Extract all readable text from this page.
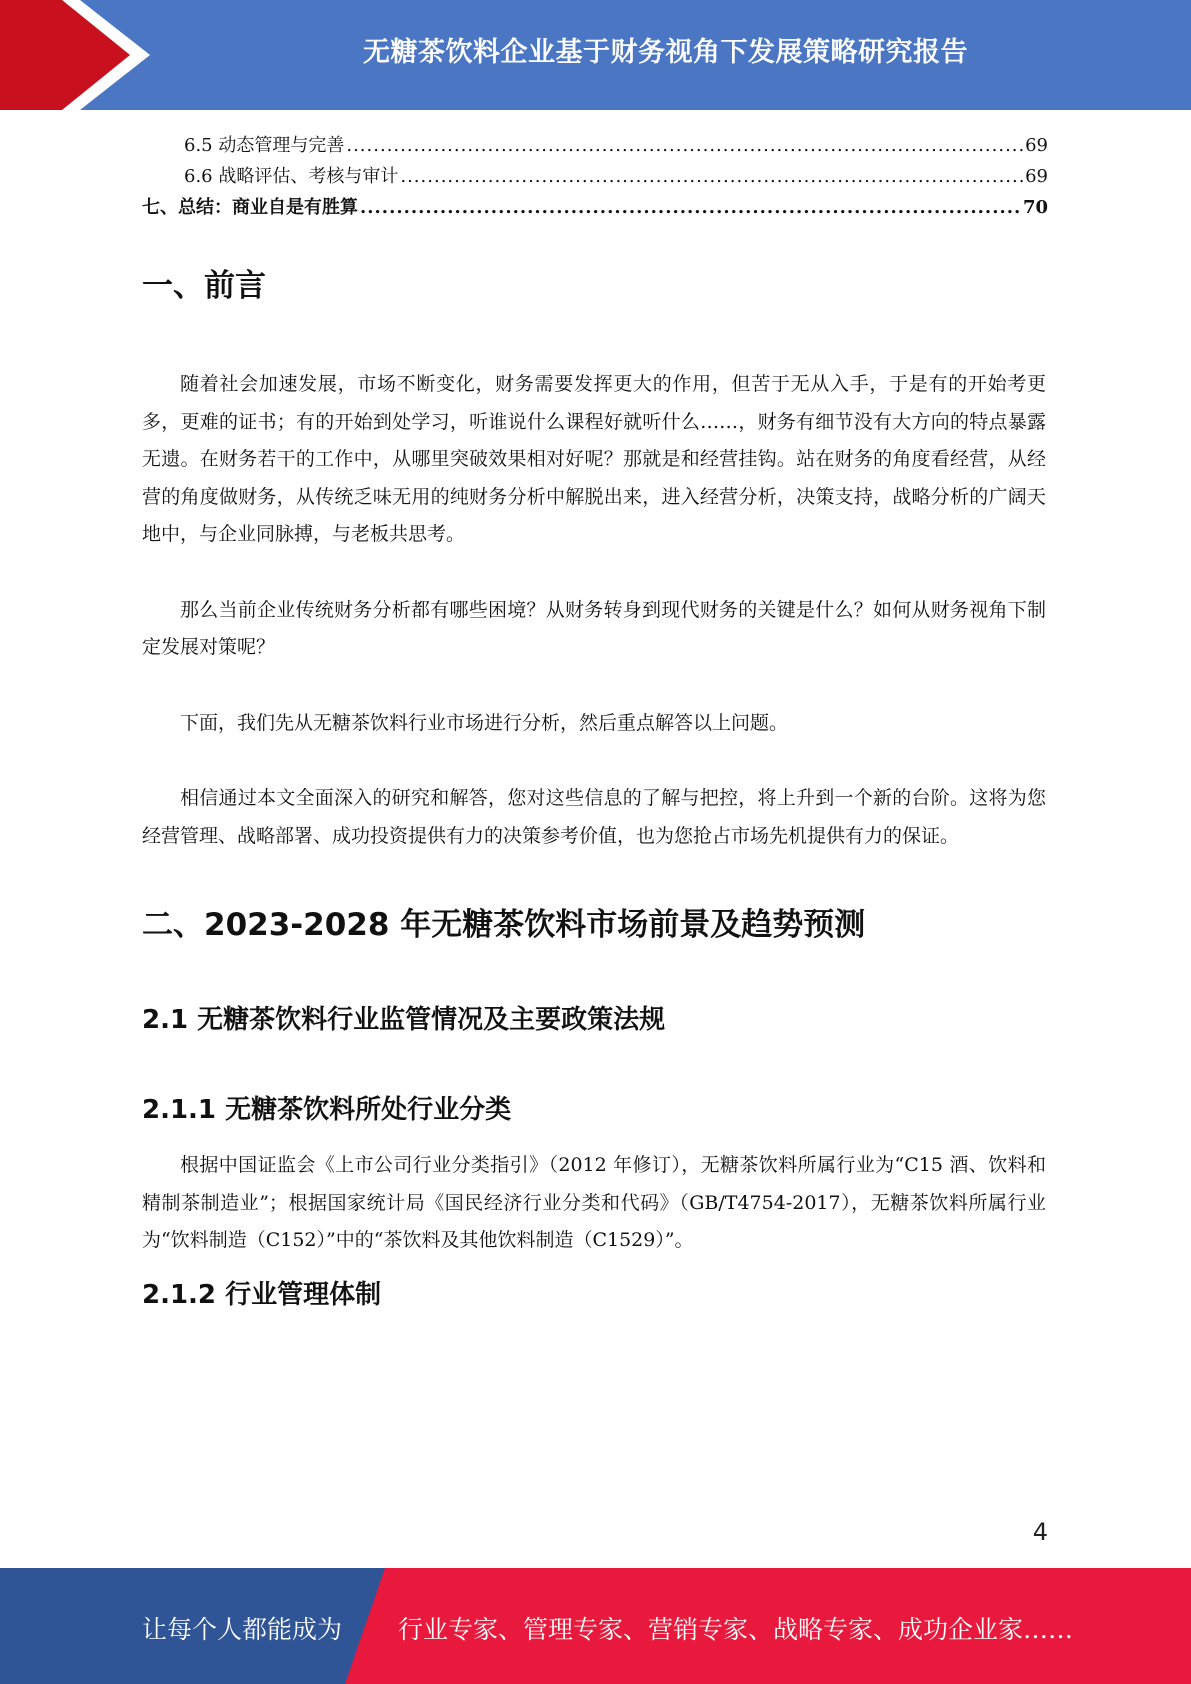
无糖茶饮料企业基于财务视角下发展策略研究报告
6.5 动态管理与完善 .....	69
6.6 战略评估、考核与审计 .....	69
七、总结：商业自是有胜算 .....	70
一、前言

随着社会加速发展，市场不断变化，财务需要发挥更大的作用，但苦于无从入手，于是有的开始考更多，更难的证书；有的开始到处学习，听谁说什么课程好就听什么……，财务有细节没有大方向的特点暴露无遗。在财务若干的工作中，从哪里突破效果相对好呢？那就是和经营挂钩。站在财务的角度看经营，从经营的角度做财务，从传统乏味无用的纯财务分析中解脱出来，进入经营分析，决策支持，战略分析的广阔天地中，与企业同脉搏，与老板共思考。

那么当前企业传统财务分析都有哪些困境？从财务转身到现代财务的关键是什么？如何从财务视角下制定发展对策呢？

下面，我们先从无糖茶饮料行业市场进行分析，然后重点解答以上问题。

相信通过本文全面深入的研究和解答，您对这些信息的了解与把控，将上升到一个新的台阶。这将为您经营管理、战略部署、成功投资提供有力的决策参考价值，也为您抢占市场先机提供有力的保证。

二、2023-2028 年无糖茶饮料市场前景及趋势预测
2.1 无糖茶饮料行业监管情况及主要政策法规
2.1.1 无糖茶饮料所处行业分类

根据中国证监会《上市公司行业分类指引》（2012 年修订），无糖茶饮料所属行业为“C15 酒、饮料和精制茶制造业”；根据国家统计局《国民经济行业分类和代码》（GB/T4754-2017），无糖茶饮料所属行业为“饮料制造（C152）”中的“茶饮料及其他饮料制造（C1529）”。

2.1.2 行业管理体制
4
让每个人都能成为 行业专家、管理专家、营销专家、战略专家、成功企业家……
